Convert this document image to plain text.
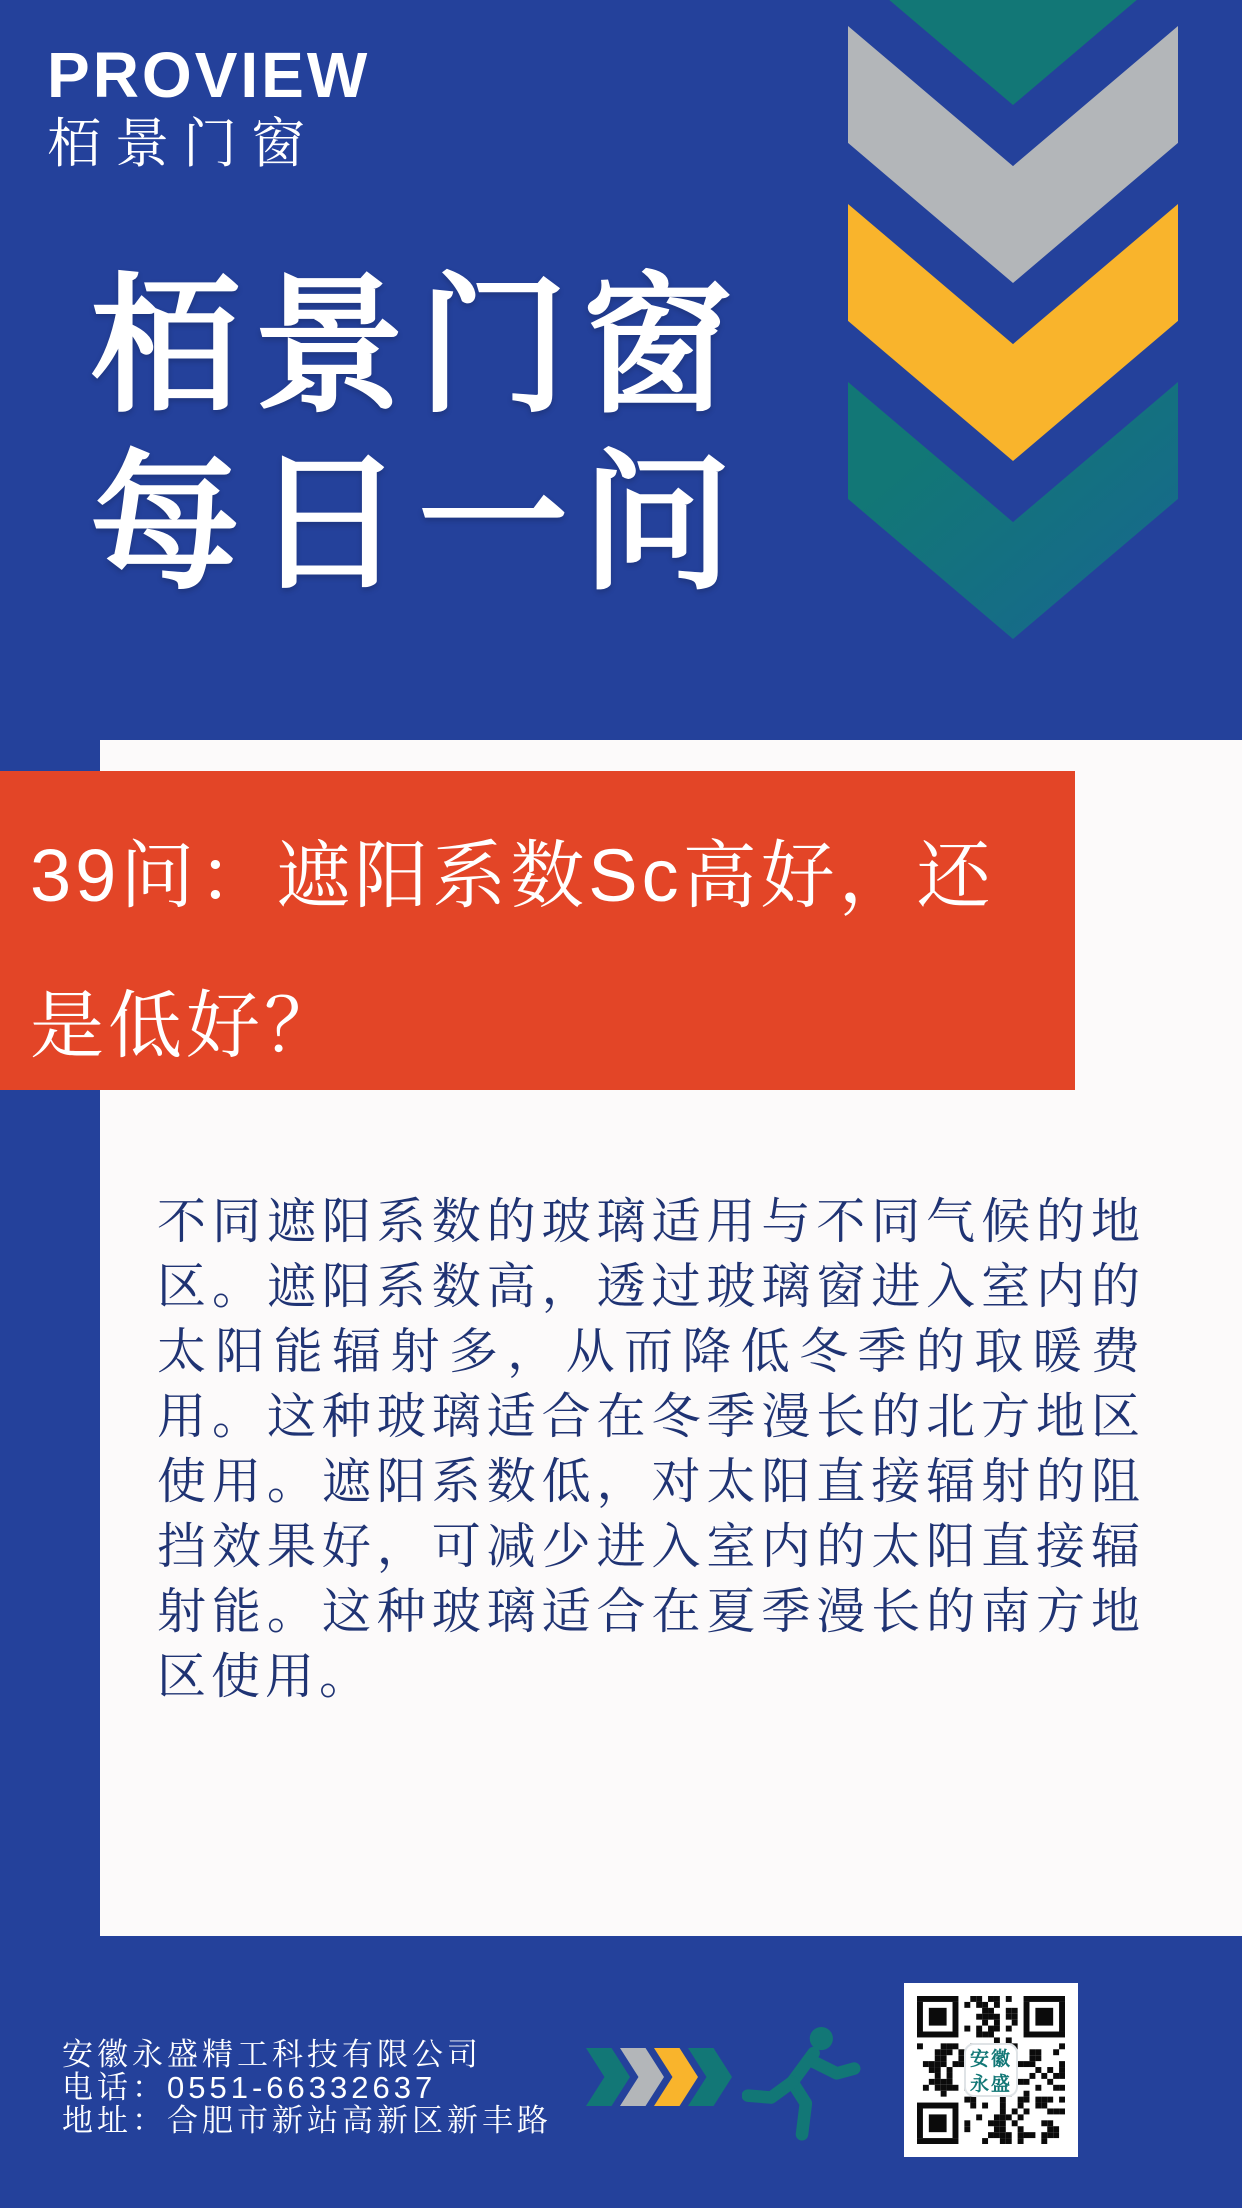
PROVIEW
栢景门窗
栢景门窗
每日一问

39问：遮阳系数Sc高好，还是低好？

不同遮阳系数的玻璃适用与不同气候的地区。遮阳系数高，透过玻璃窗进入室内的太阳能辐射多，从而降低冬季的取暖费用。这种玻璃适合在冬季漫长的北方地区使用。遮阳系数低，对太阳直接辐射的阻挡效果好，可减少进入室内的太阳直接辐射能。这种玻璃适合在夏季漫长的南方地区使用。

安徽永盛精工科技有限公司
电话：0551-66332637
地址：合肥市新站高新区新丰路
安徽
永盛
